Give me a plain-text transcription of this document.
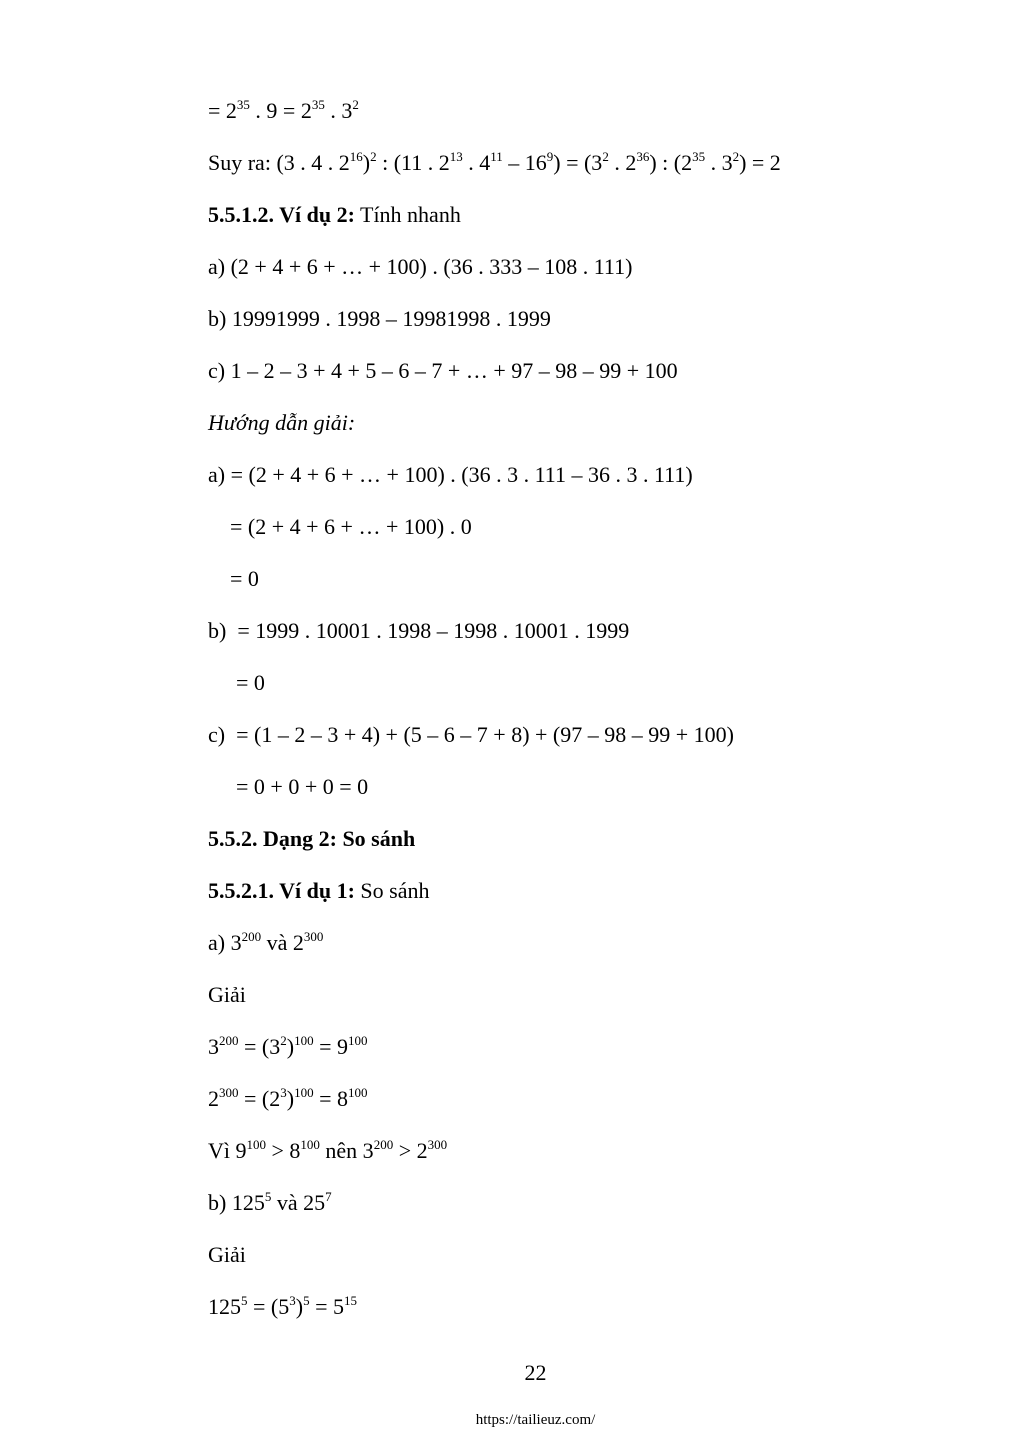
= $2^{35}$ . $9 = 2^{35}$ . $3^2$
Suy ra: (3 . 4 . $2^{16})^2$ : (11 . $2^{13}$ . $4^{11} - 16^9) = (3^2$ . $2^{36}$) : ($2^{35}$ . $3^2) = 2$
5.5.1.2. Ví dụ 2: Tính nhanh
a) (2 + 4 + 6 + … + 100) . (36 . 333 – 108 . 111)
b) 19991999 . 1998 – 19981998 . 1999
c) 1 – 2 – 3 + 4 + 5 – 6 – 7 + … + 97 – 98 – 99 + 100
Hướng dẫn giải:
a) = (2 + 4 + 6 + … + 100) . (36 . 3 . 111 – 36 . 3 . 111)
= (2 + 4 + 6 + … + 100) . 0
= 0
b)  = 1999 . 10001 . 1998 – 1998 . 10001 . 1999
= 0
c)  = (1 – 2 – 3 + 4) + (5 – 6 – 7 + 8) + (97 – 98 – 99 + 100)
= 0 + 0 + 0 = 0
5.5.2. Dạng 2: So sánh
5.5.2.1. Ví dụ 1: So sánh
a) $3^{200}$ và $2^{300}$
Giải
$3^{200} = (3^2)^{100} = 9^{100}$
$2^{300} = (2^3)^{100} = 8^{100}$
Vì $9^{100} > 8^{100}$ nên $3^{200} > 2^{300}$
b) $125^5$ và $25^7$
Giải
$125^5 = (5^3)^5 = 5^{15}$
22
https://tailieuz.com/
